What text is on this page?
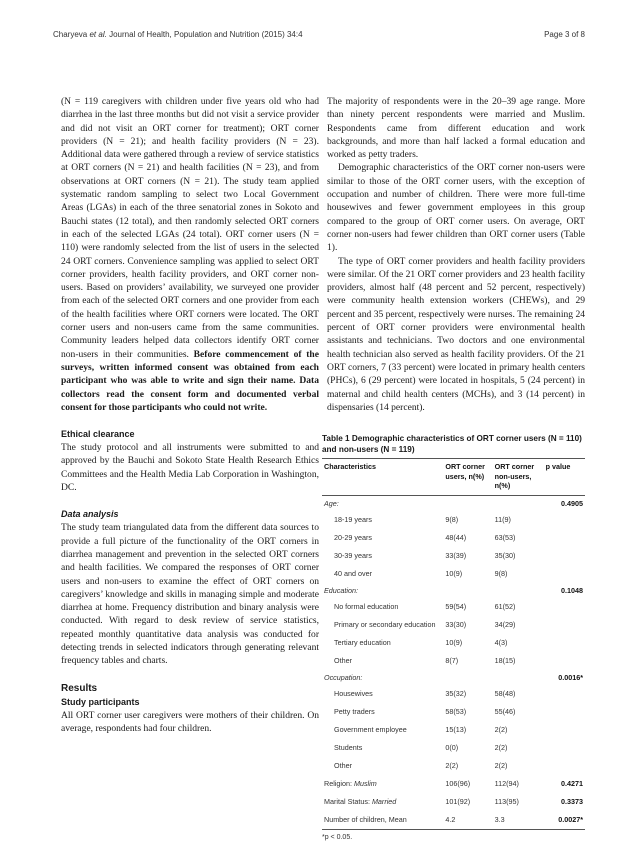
Charyeva et al. Journal of Health, Population and Nutrition (2015) 34:4	Page 3 of 8

(N = 119 caregivers with children under five years old who had diarrhea in the last three months but did not visit a service provider and did not visit an ORT corner for treatment); ORT corner providers (N = 21); and health facility providers (N = 23). Additional data were gathered through a review of service statistics at ORT corners (N = 21) and health facilities (N = 23), and from observations at ORT corners (N = 21). The study team applied systematic random sampling to select two Local Government Areas (LGAs) in each of the three senatorial zones in Sokoto and Bauchi states (12 total), and then randomly selected ORT corners in each of the selected LGAs (24 total). ORT corner users (N = 110) were randomly selected from the list of users in the selected 24 ORT corners. Convenience sampling was applied to select ORT corner providers, health facility providers, and ORT corner non-users. Based on providers’ availability, we surveyed one provider from each of the selected ORT corners and one provider from each of the health facilities where ORT corners were located. The ORT corner users and non-users came from the same communities. Community leaders helped data collectors identify ORT corner non-users in their communities. Before commencement of the surveys, written informed consent was obtained from each participant who was able to write and sign their name. Data collectors read the consent form and documented verbal consent for those participants who could not write.

Ethical clearance

The study protocol and all instruments were submitted to and approved by the Bauchi and Sokoto State Health Research Ethics Committees and the Health Media Lab Corporation in Washington, DC.

Data analysis

The study team triangulated data from the different data sources to provide a full picture of the functionality of the ORT corners in diarrhea management and prevention in the selected ORT corners and health facilities. We compared the responses of ORT corner users and non-users to examine the effect of ORT corners on caregivers’ knowledge and skills in managing simple and moderate diarrhea at home. Frequency distribution and binary analysis were conducted. With regard to desk review of service statistics, repeated monthly quantitative data analysis was conducted for detecting trends in selected indicators through generating relevant frequency tables and charts.

Results
Study participants

All ORT corner user caregivers were mothers of their children. On average, respondents had four children.

The majority of respondents were in the 20–39 age range. More than ninety percent respondents were married and Muslim. Respondents came from different education and work backgrounds, and more than half lacked a formal education and worked as petty traders.

Demographic characteristics of the ORT corner non-users were similar to those of the ORT corner users, with the exception of occupation and number of children. There were more full-time housewives and fewer government employees in this group compared to the group of ORT corner users. On average, ORT corner non-users had fewer children than ORT corner users (Table 1).

The type of ORT corner providers and health facility providers were similar. Of the 21 ORT corner providers and 23 health facility providers, almost half (48 percent and 52 percent, respectively) were community health extension workers (CHEWs), and 29 percent and 35 percent, respectively were nurses. The remaining 24 percent of ORT corner providers were environmental health assistants and technicians. Two doctors and one environmental health technician also served as health facility providers. Of the 21 ORT corners, 7 (33 percent) were located in primary health centers (PHCs), 6 (29 percent) were located in hospitals, 5 (24 percent) in maternal and child health centers (MCHs), and 3 (14 percent) in dispensaries (14 percent).

Table 1 Demographic characteristics of ORT corner users (N = 110) and non-users (N = 119)
Characteristics	ORT corner users, n(%)	ORT corner non-users, n(%)	p value
Age:			0.4905
18-19 years	9(8)	11(9)	
20-29 years	48(44)	63(53)	
30-39 years	33(39)	35(30)	
40 and over	10(9)	9(8)	
Education:			0.1048
No formal education	59(54)	61(52)	
Primary or secondary education	33(30)	34(29)	
Tertiary education	10(9)	4(3)	
Other	8(7)	18(15)	
Occupation:			0.0016*
Housewives	35(32)	58(48)	
Petty traders	58(53)	55(46)	
Government employee	15(13)	2(2)	
Students	0(0)	2(2)	
Other	2(2)	2(2)	
Religion: Muslim	106(96)	112(94)	0.4271
Marital Status: Married	101(92)	113(95)	0.3373
Number of children, Mean	4.2	3.3	0.0027*
*p < 0.05.
